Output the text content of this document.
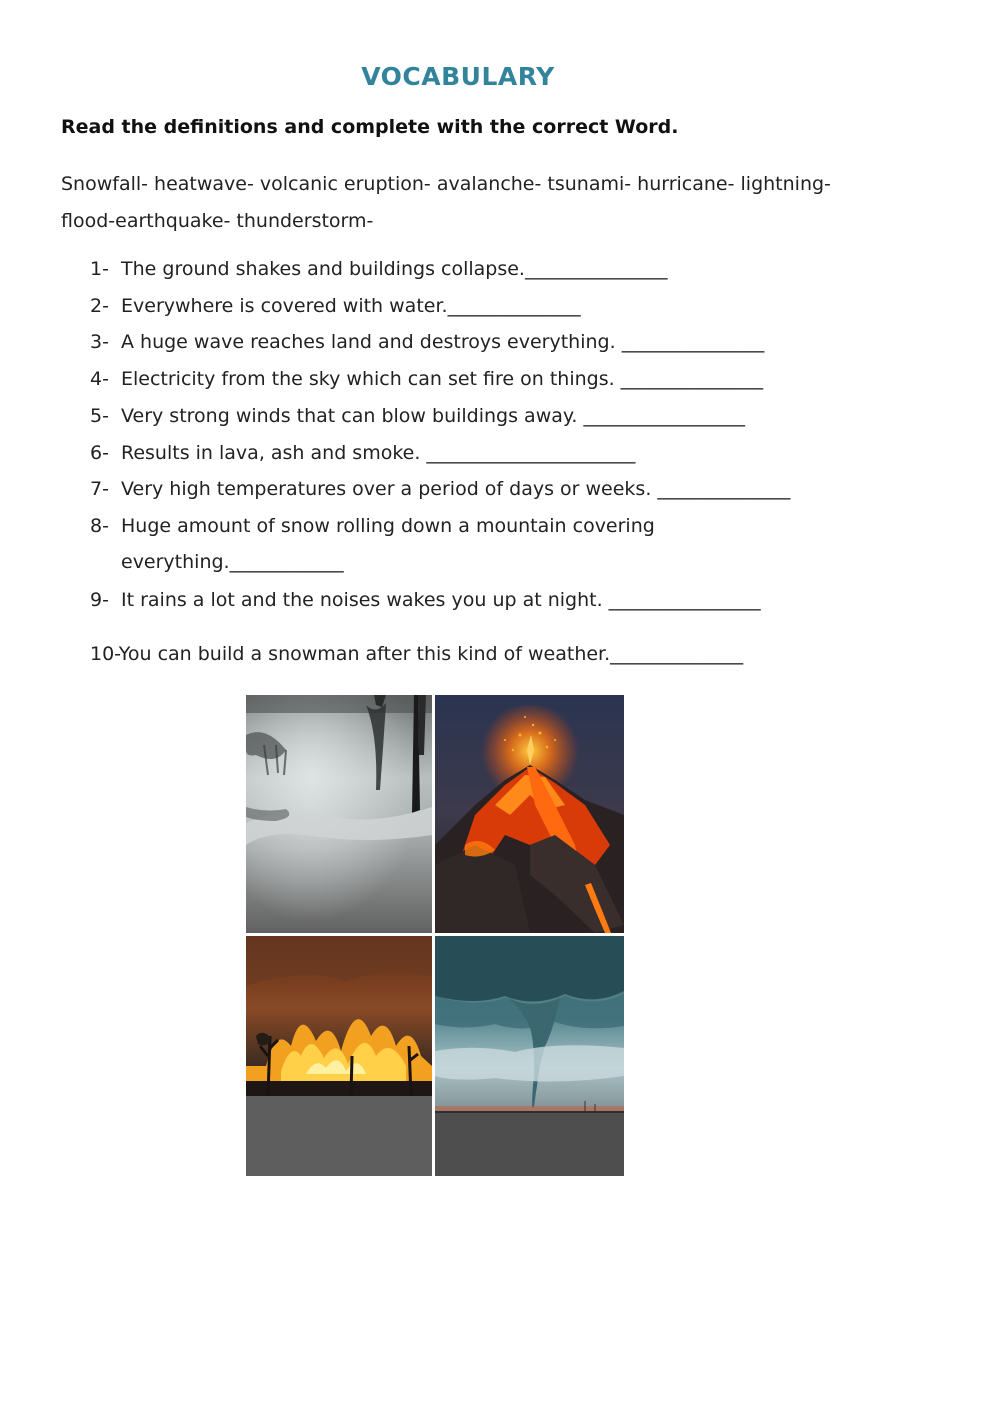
VOCABULARY
Read the definitions and complete with the correct Word.
Snowfall- heatwave- volcanic eruption- avalanche- tsunami- hurricane- lightning-
flood-earthquake- thunderstorm-
1- The ground shakes and buildings collapse._______________
2- Everywhere is covered with water.______________
3- A huge wave reaches land and destroys everything. _______________
4- Electricity from the sky which can set fire on things. _______________
5- Very strong winds that can blow buildings away. _________________
6- Results in lava, ash and smoke. ______________________
7- Very high temperatures over a period of days or weeks. ______________
8- Huge amount of snow rolling down a mountain covering
everything.____________
9- It rains a lot and the noises wakes you up at night. ________________
10-You can build a snowman after this kind of weather.______________
